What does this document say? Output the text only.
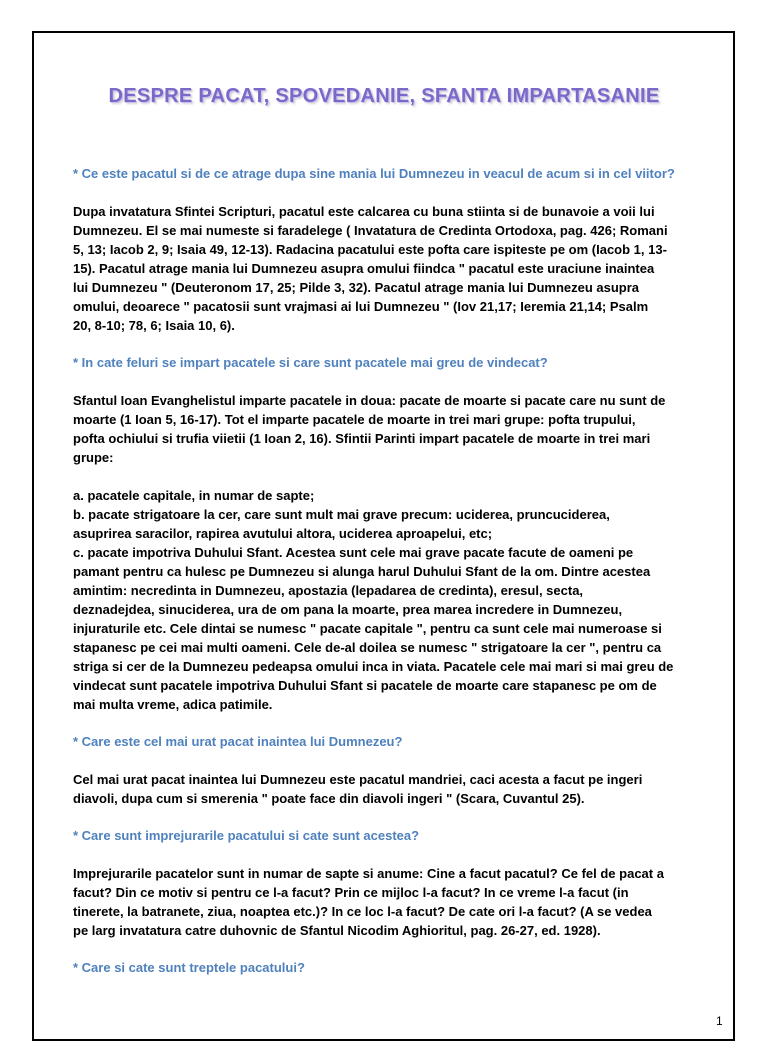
DESPRE PACAT, SPOVEDANIE, SFANTA IMPARTASANIE
* Ce este pacatul si de ce atrage dupa sine mania lui Dumnezeu in veacul de acum si in cel viitor?
Dupa invatatura Sfintei Scripturi, pacatul este calcarea cu buna stiinta si de bunavoie a voii lui
Dumnezeu. El se mai numeste si faradelege ( Invatatura de Credinta Ortodoxa, pag. 426; Romani
5, 13; Iacob 2, 9; Isaia 49, 12-13). Radacina pacatului este pofta care ispiteste pe om (Iacob 1, 13-
15). Pacatul atrage mania lui Dumnezeu asupra omului fiindca " pacatul este uraciune inaintea
lui Dumnezeu " (Deuteronom 17, 25; Pilde 3, 32). Pacatul atrage mania lui Dumnezeu asupra
omului, deoarece " pacatosii sunt vrajmasi ai lui Dumnezeu " (Iov 21,17; Ieremia 21,14; Psalm
20, 8-10; 78, 6; Isaia 10, 6).
* In cate feluri se impart pacatele si care sunt pacatele mai greu de vindecat?
Sfantul Ioan Evanghelistul imparte pacatele in doua: pacate de moarte si pacate care nu sunt de
moarte (1 Ioan 5, 16-17). Tot el imparte pacatele de moarte in trei mari grupe: pofta trupului,
pofta ochiului si trufia viietii (1 Ioan 2, 16). Sfintii Parinti impart pacatele de moarte in trei mari
grupe:
a. pacatele capitale, in numar de sapte;
b. pacate strigatoare la cer, care sunt mult mai grave precum: uciderea, pruncuciderea,
asuprirea saracilor, rapirea avutului altora, uciderea aproapelui, etc;
c. pacate impotriva Duhului Sfant. Acestea sunt cele mai grave pacate facute de oameni pe
pamant pentru ca hulesc pe Dumnezeu si alunga harul Duhului Sfant de la om. Dintre acestea
amintim: necredinta in Dumnezeu, apostazia (lepadarea de credinta), eresul, secta,
deznadejdea, sinuciderea, ura de om pana la moarte, prea marea incredere in Dumnezeu,
injuraturile etc. Cele dintai se numesc " pacate capitale ", pentru ca sunt cele mai numeroase si
stapanesc pe cei mai multi oameni. Cele de-al doilea se numesc " strigatoare la cer ", pentru ca
striga si cer de la Dumnezeu pedeapsa omului inca in viata. Pacatele cele mai mari si mai greu de
vindecat sunt pacatele impotriva Duhului Sfant si pacatele de moarte care stapanesc pe om de
mai multa vreme, adica patimile.
* Care este cel mai urat pacat inaintea lui Dumnezeu?
Cel mai urat pacat inaintea lui Dumnezeu este pacatul mandriei, caci acesta a facut pe ingeri
diavoli, dupa cum si smerenia " poate face din diavoli ingeri " (Scara, Cuvantul 25).
* Care sunt imprejurarile pacatului si cate sunt acestea?
Imprejurarile pacatelor sunt in numar de sapte si anume: Cine a facut pacatul? Ce fel de pacat a
facut? Din ce motiv si pentru ce l-a facut? Prin ce mijloc l-a facut? In ce vreme l-a facut (in
tinerete, la batranete, ziua, noaptea etc.)? In ce loc l-a facut? De cate ori l-a facut? (A se vedea
pe larg invatatura catre duhovnic de Sfantul Nicodim Aghioritul, pag. 26-27, ed. 1928).
* Care si cate sunt treptele pacatului?
1
